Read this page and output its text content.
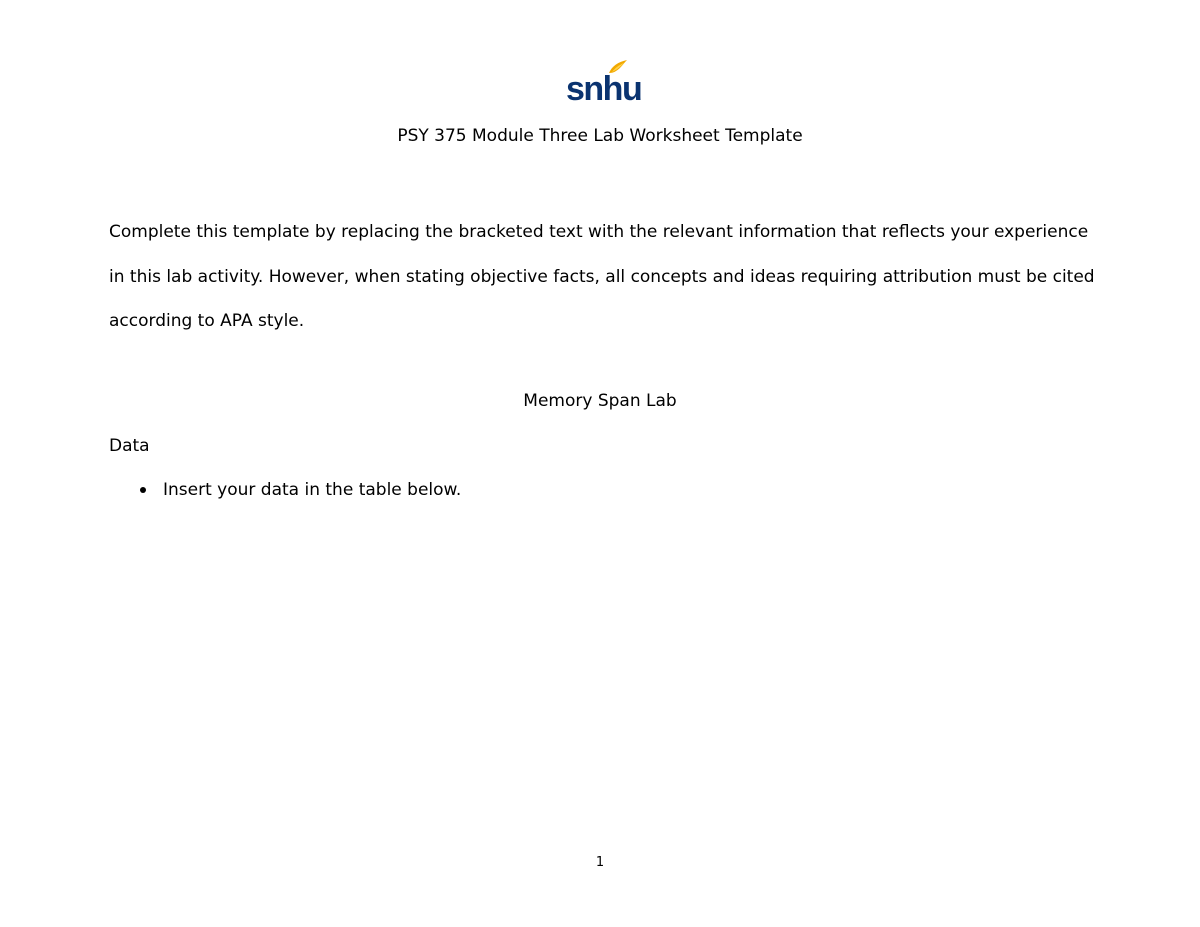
snhu
PSY 375 Module Three Lab Worksheet Template

Complete this template by replacing the bracketed text with the relevant information that reflects your experience in this lab activity. However, when stating objective facts, all concepts and ideas requiring attribution must be cited according to APA style.

Memory Span Lab
Data
Insert your data in the table below.
1
